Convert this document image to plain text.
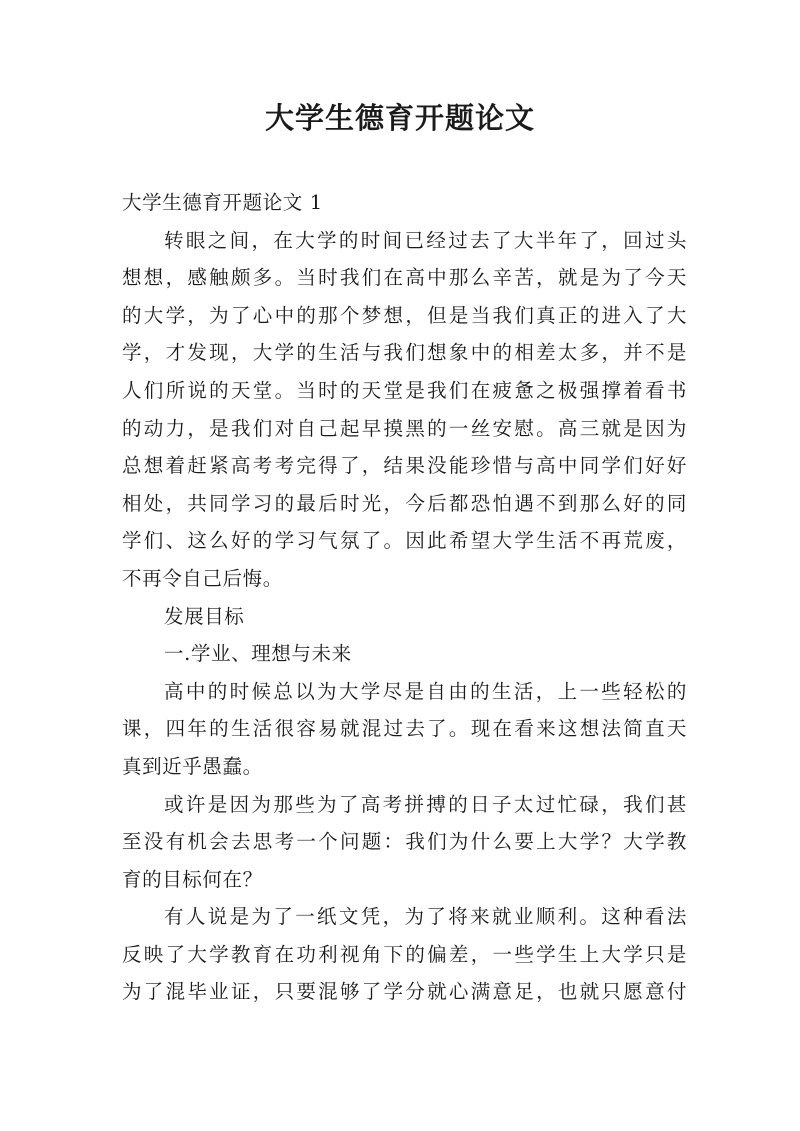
大学生德育开题论文
大学生德育开题论文 1
转眼之间，在大学的时间已经过去了大半年了，回过头
想想，感触颇多。当时我们在高中那么辛苦，就是为了今天
的大学，为了心中的那个梦想，但是当我们真正的进入了大
学，才发现，大学的生活与我们想象中的相差太多，并不是
人们所说的天堂。当时的天堂是我们在疲惫之极强撑着看书
的动力，是我们对自己起早摸黑的一丝安慰。高三就是因为
总想着赶紧高考考完得了，结果没能珍惜与高中同学们好好
相处，共同学习的最后时光，今后都恐怕遇不到那么好的同
学们、这么好的学习气氛了。因此希望大学生活不再荒废，
不再令自己后悔。
发展目标
一.学业、理想与未来
高中的时候总以为大学尽是自由的生活，上一些轻松的
课，四年的生活很容易就混过去了。现在看来这想法简直天
真到近乎愚蠢。
或许是因为那些为了高考拼搏的日子太过忙碌，我们甚
至没有机会去思考一个问题：我们为什么要上大学？大学教
育的目标何在？
有人说是为了一纸文凭，为了将来就业顺利。这种看法
反映了大学教育在功利视角下的偏差，一些学生上大学只是
为了混毕业证，只要混够了学分就心满意足，也就只愿意付
